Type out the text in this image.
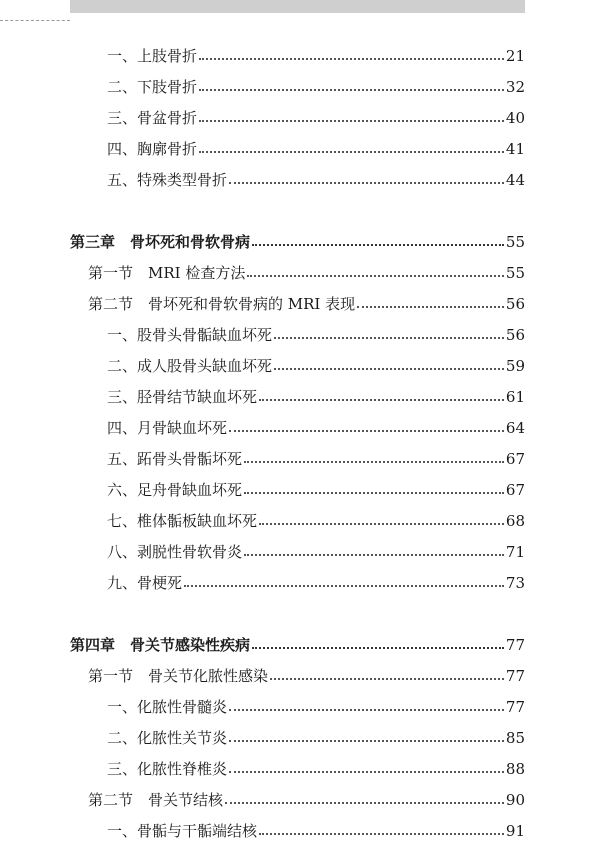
一、上肢骨折	21
二、下肢骨折	32
三、骨盆骨折	40
四、胸廓骨折	41
五、特殊类型骨折	44
第三章　骨坏死和骨软骨病	55
第一节　MRI 检查方法	55
第二节　骨坏死和骨软骨病的 MRI 表现	56
一、股骨头骨骺缺血坏死	56
二、成人股骨头缺血坏死	59
三、胫骨结节缺血坏死	61
四、月骨缺血坏死	64
五、跖骨头骨骺坏死	67
六、足舟骨缺血坏死	67
七、椎体骺板缺血坏死	68
八、剥脱性骨软骨炎	71
九、骨梗死	73
第四章　骨关节感染性疾病	77
第一节　骨关节化脓性感染	77
一、化脓性骨髓炎	77
二、化脓性关节炎	85
三、化脓性脊椎炎	88
第二节　骨关节结核	90
一、骨骺与干骺端结核	91
